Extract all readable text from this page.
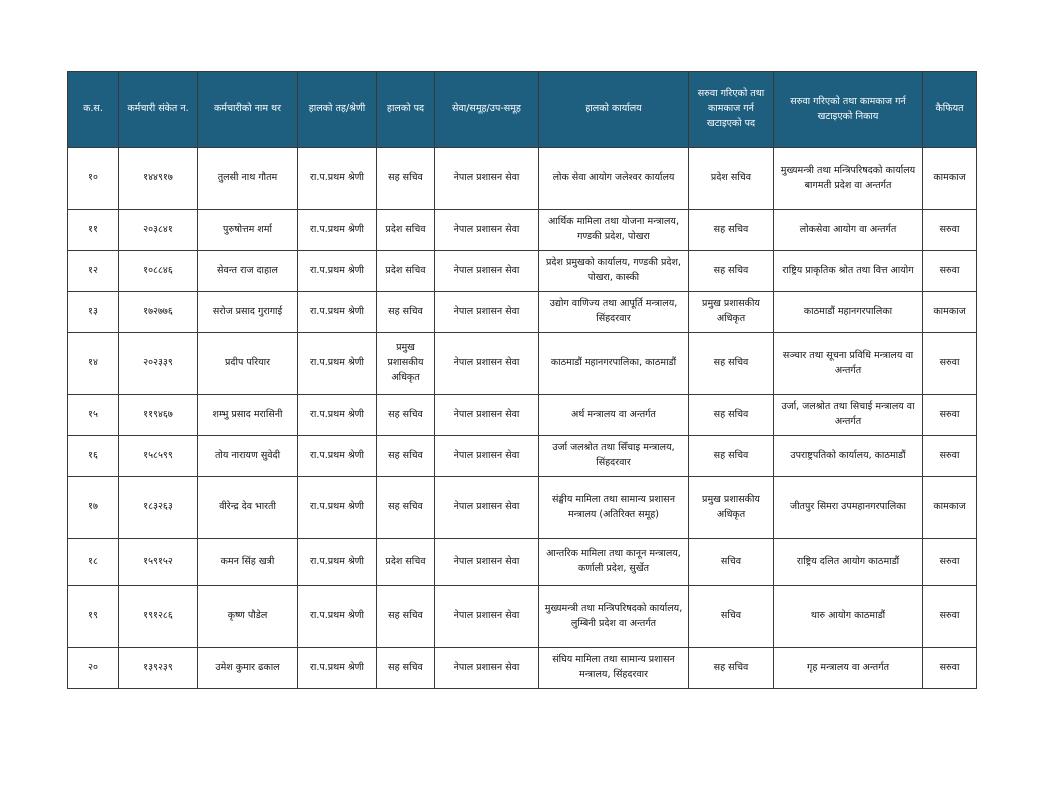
क.स.	कर्मचारी संकेत न.	कर्मचारीको नाम थर	हालको तह/श्रेणी	हालको पद	सेवा/समूह/उप-समूह	हालको कार्यालय	सरुवा गरिएको तथा कामकाज गर्न खटाइएको पद	सरुवा गरिएको तथा कामकाज गर्न खटाइएको निकाय	कैफियत
१०	१४४९१७	तुलसी नाथ गौतम	रा.प.प्रथम श्रेणी	सह सचिव	नेपाल प्रशासन सेवा	लोक सेवा आयोग जलेश्वर कार्यालय	प्रदेश सचिव	मुख्यमन्त्री तथा मन्त्रिपरिषदको कार्यालय बागमती प्रदेश वा अन्तर्गत	कामकाज
११	२०३८४१	पुरुषोत्तम शर्मा	रा.प.प्रथम श्रेणी	प्रदेश सचिव	नेपाल प्रशासन सेवा	आर्थिक मामिला तथा योजना मन्त्रालय, गण्डकी प्रदेश, पोखरा	सह सचिव	लोकसेवा आयोग वा अन्तर्गत	सरुवा
१२	१०८८४६	सेवन्त राज दाहाल	रा.प.प्रथम श्रेणी	प्रदेश सचिव	नेपाल प्रशासन सेवा	प्रदेश प्रमुखको कार्यालय, गण्डकी प्रदेश, पोखरा, कास्की	सह सचिव	राष्ट्रिय प्राकृतिक श्रोत तथा वित्त आयोग	सरुवा
१३	१७२७७६	सरोज प्रसाद गुरागाई	रा.प.प्रथम श्रेणी	सह सचिव	नेपाल प्रशासन सेवा	उद्योग वाणिज्य तथा आपूर्ति मन्त्रालय, सिंहदरवार	प्रमुख प्रशासकीय अधिकृत	काठमाडौं महानगरपालिका	कामकाज
१४	२०२३३९	प्रदीप परियार	रा.प.प्रथम श्रेणी	प्रमुख प्रशासकीय अधिकृत	नेपाल प्रशासन सेवा	काठमाडौं महानगरपालिका, काठमाडौं	सह सचिव	सञ्चार तथा सूचना प्रविधि मन्त्रालय वा अन्तर्गत	सरुवा
१५	११९४६७	शम्भु प्रसाद मरासिनी	रा.प.प्रथम श्रेणी	सह सचिव	नेपाल प्रशासन सेवा	अर्थ मन्त्रालय वा अन्तर्गत	सह सचिव	उर्जा, जलश्रोत तथा सिचाई मन्त्रालय वा अन्तर्गत	सरुवा
१६	१५८५९९	तोय नारायण सुवेदी	रा.प.प्रथम श्रेणी	सह सचिव	नेपाल प्रशासन सेवा	उर्जा जलश्रोत तथा सिँचाइ मन्त्रालय, सिंहदरवार	सह सचिव	उपराष्ट्रपतिको कार्यालय, काठमाडौं	सरुवा
१७	१८३२६३	वीरेन्द्र देव भारती	रा.प.प्रथम श्रेणी	सह सचिव	नेपाल प्रशासन सेवा	संङ्घीय मामिला तथा सामान्य प्रशासन मन्त्रालय (अतिरिक्त समूह)	प्रमुख प्रशासकीय अधिकृत	जीतपुर सिमरा उपमहानगरपालिका	कामकाज
१८	१५९१५२	कमन सिंह खत्री	रा.प.प्रथम श्रेणी	प्रदेश सचिव	नेपाल प्रशासन सेवा	आन्तरिक मामिला तथा कानून मन्त्रालय, कर्णाली प्रदेश, सुर्खेत	सचिव	राष्ट्रिय दलित आयोग काठमाडौं	सरुवा
१९	१९१२८६	कृष्ण पौडेल	रा.प.प्रथम श्रेणी	सह सचिव	नेपाल प्रशासन सेवा	मुख्यमन्त्री तथा मन्त्रिपरिषदको कार्यालय, लुम्बिनी प्रदेश वा अन्तर्गत	सचिव	थारु आयोग काठमाडौं	सरुवा
२०	१३९२३९	उमेश कुमार ढकाल	रा.प.प्रथम श्रेणी	सह सचिव	नेपाल प्रशासन सेवा	संघिय मामिला तथा सामान्य प्रशासन मन्त्रालय, सिंहदरवार	सह सचिव	गृह मन्त्रालय वा अन्तर्गत	सरुवा
